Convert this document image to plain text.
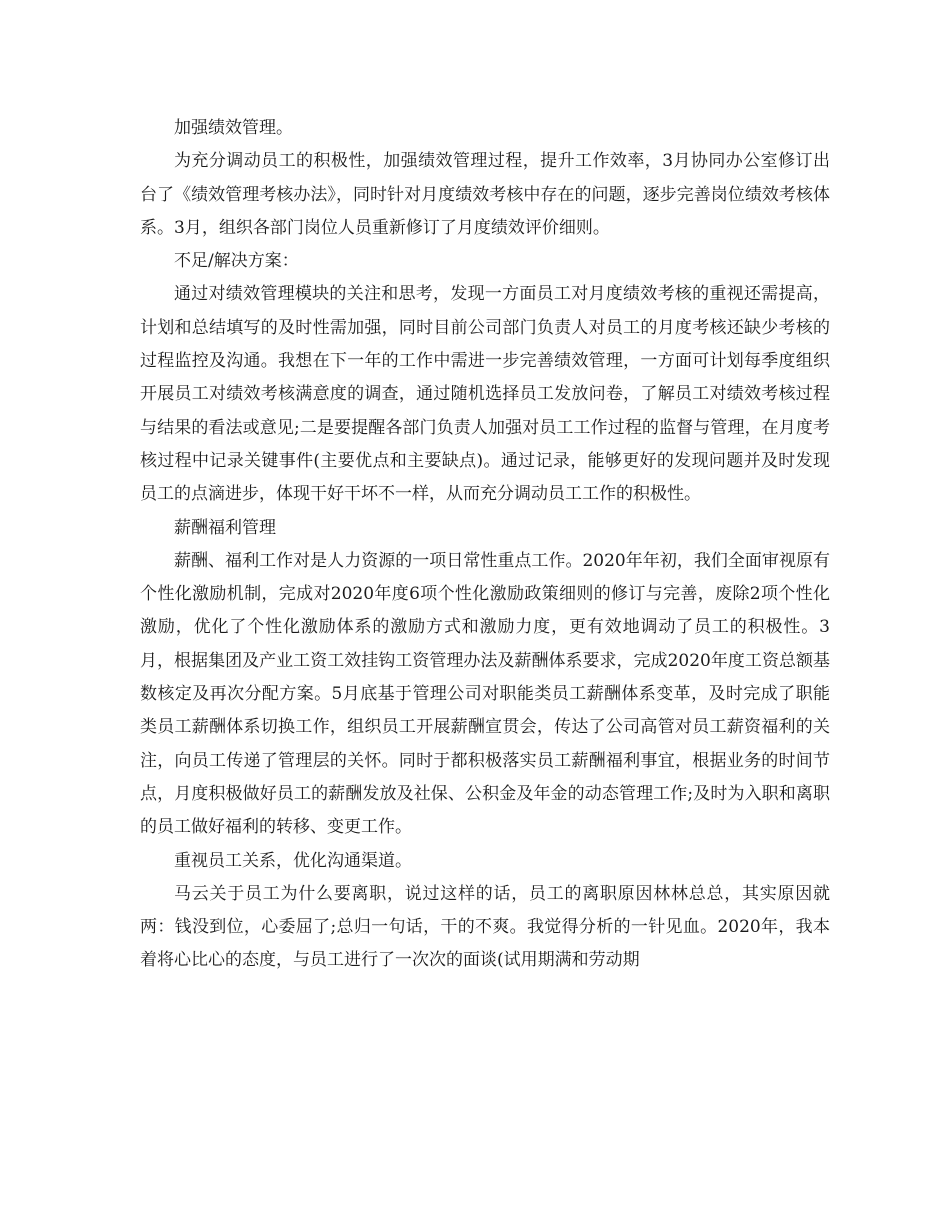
加强绩效管理。

为充分调动员工的积极性，加强绩效管理过程，提升工作效率，3月协同办公室修订出台了《绩效管理考核办法》，同时针对月度绩效考核中存在的问题，逐步完善岗位绩效考核体系。3月，组织各部门岗位人员重新修订了月度绩效评价细则。

不足/解决方案：

通过对绩效管理模块的关注和思考，发现一方面员工对月度绩效考核的重视还需提高，计划和总结填写的及时性需加强，同时目前公司部门负责人对员工的月度考核还缺少考核的过程监控及沟通。我想在下一年的工作中需进一步完善绩效管理，一方面可计划每季度组织开展员工对绩效考核满意度的调查，通过随机选择员工发放问卷，了解员工对绩效考核过程与结果的看法或意见;二是要提醒各部门负责人加强对员工工作过程的监督与管理，在月度考核过程中记录关键事件(主要优点和主要缺点)。通过记录，能够更好的发现问题并及时发现员工的点滴进步，体现干好干坏不一样，从而充分调动员工工作的积极性。

薪酬福利管理

薪酬、福利工作对是人力资源的一项日常性重点工作。2020年年初，我们全面审视原有个性化激励机制，完成对2020年度6项个性化激励政策细则的修订与完善，废除2项个性化激励，优化了个性化激励体系的激励方式和激励力度，更有效地调动了员工的积极性。3月，根据集团及产业工资工效挂钩工资管理办法及薪酬体系要求，完成2020年度工资总额基数核定及再次分配方案。5月底基于管理公司对职能类员工薪酬体系变革，及时完成了职能类员工薪酬体系切换工作，组织员工开展薪酬宣贯会，传达了公司高管对员工薪资福利的关注，向员工传递了管理层的关怀。同时于都积极落实员工薪酬福利事宜，根据业务的时间节点，月度积极做好员工的薪酬发放及社保、公积金及年金的动态管理工作;及时为入职和离职的员工做好福利的转移、变更工作。

重视员工关系，优化沟通渠道。

马云关于员工为什么要离职，说过这样的话，员工的离职原因林林总总，其实原因就两：钱没到位，心委屈了;总归一句话，干的不爽。我觉得分析的一针见血。2020年，我本着将心比心的态度，与员工进行了一次次的面谈(试用期满和劳动期
